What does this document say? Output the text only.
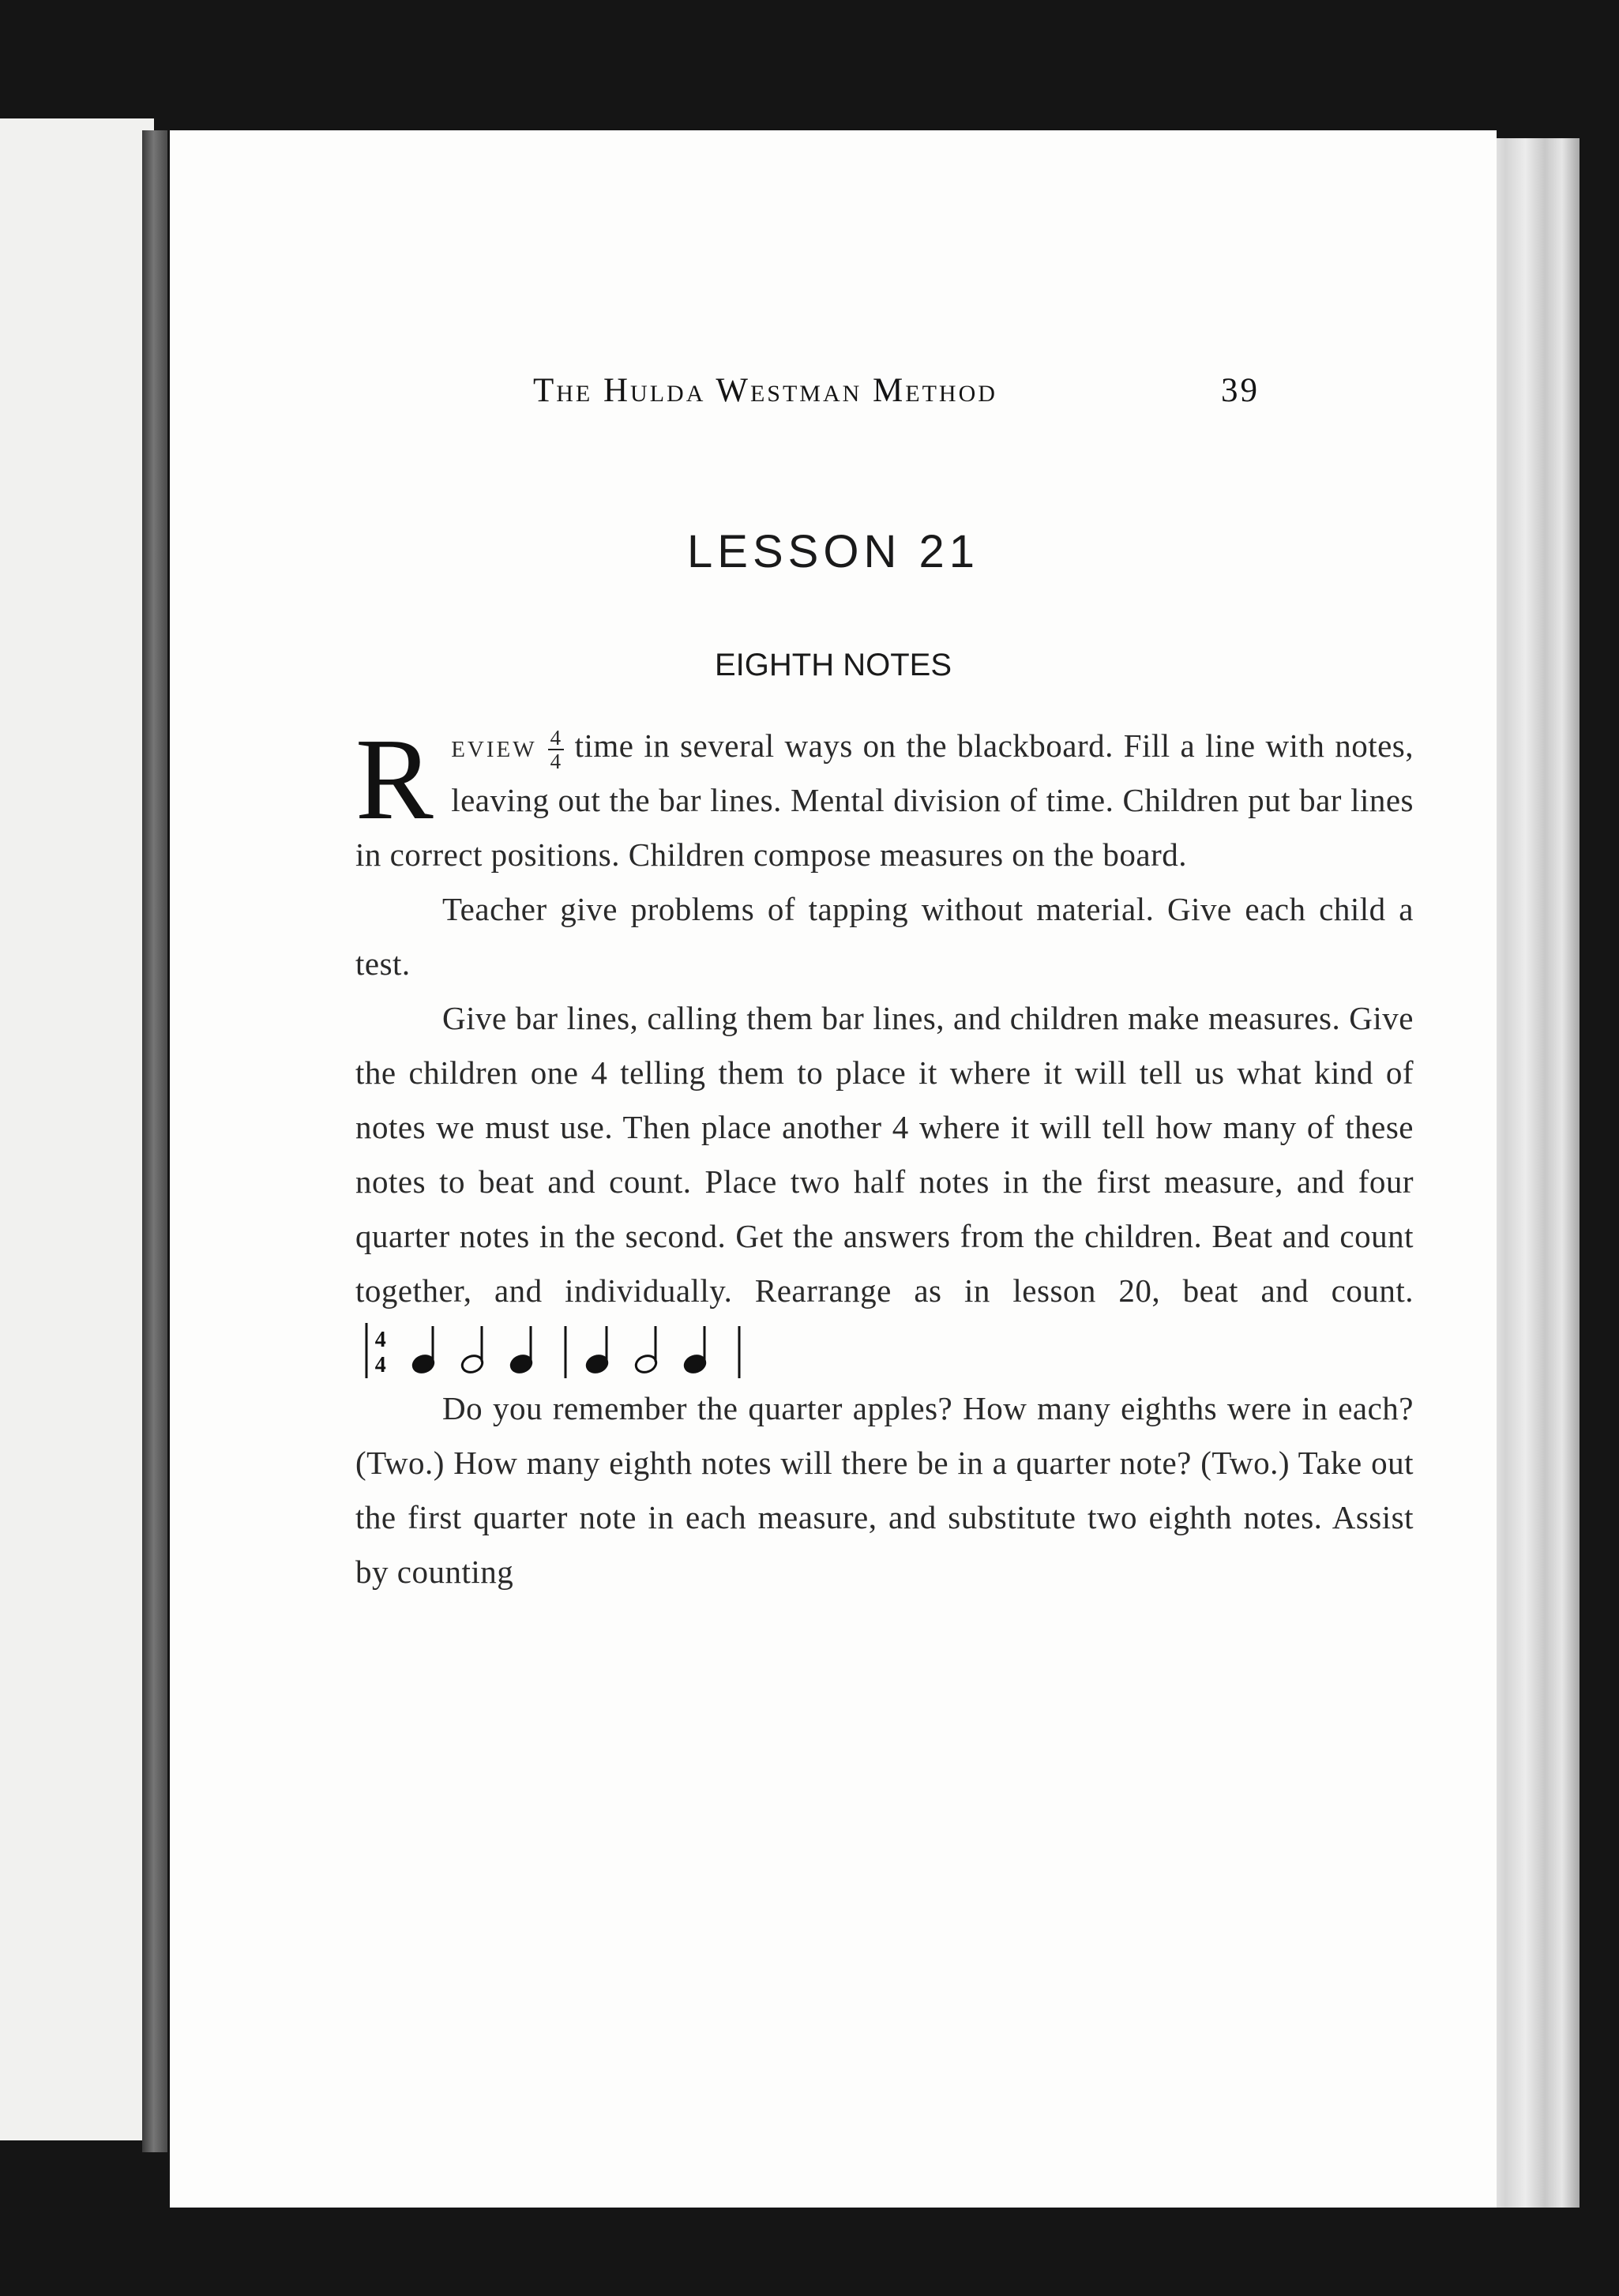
The Hulda Westman Method	39
LESSON 21
EIGHTH NOTES

Review $\frac{4}{4}$ time in several ways on the blackboard. Fill a line with notes, leaving out the bar lines. Mental division of time. Children put bar lines in correct positions. Children compose measures on the board.

Teacher give problems of tapping without material. Give each child a test.

Give bar lines, calling them bar lines, and children make measures. Give the children one 4 telling them to place it where it will tell us what kind of notes we must use. Then place another 4 where it will tell how many of these notes to beat and count. Place two half notes in the first measure, and four quarter notes in the second. Get the answers from the children. Beat and count together, and individually. Rearrange as in lesson 20, beat and count.
4
4

Do you remember the quarter apples? How many eighths were in each? (Two.) How many eighth notes will there be in a quarter note? (Two.) Take out the first quarter note in each measure, and substitute two eighth notes. Assist by counting
